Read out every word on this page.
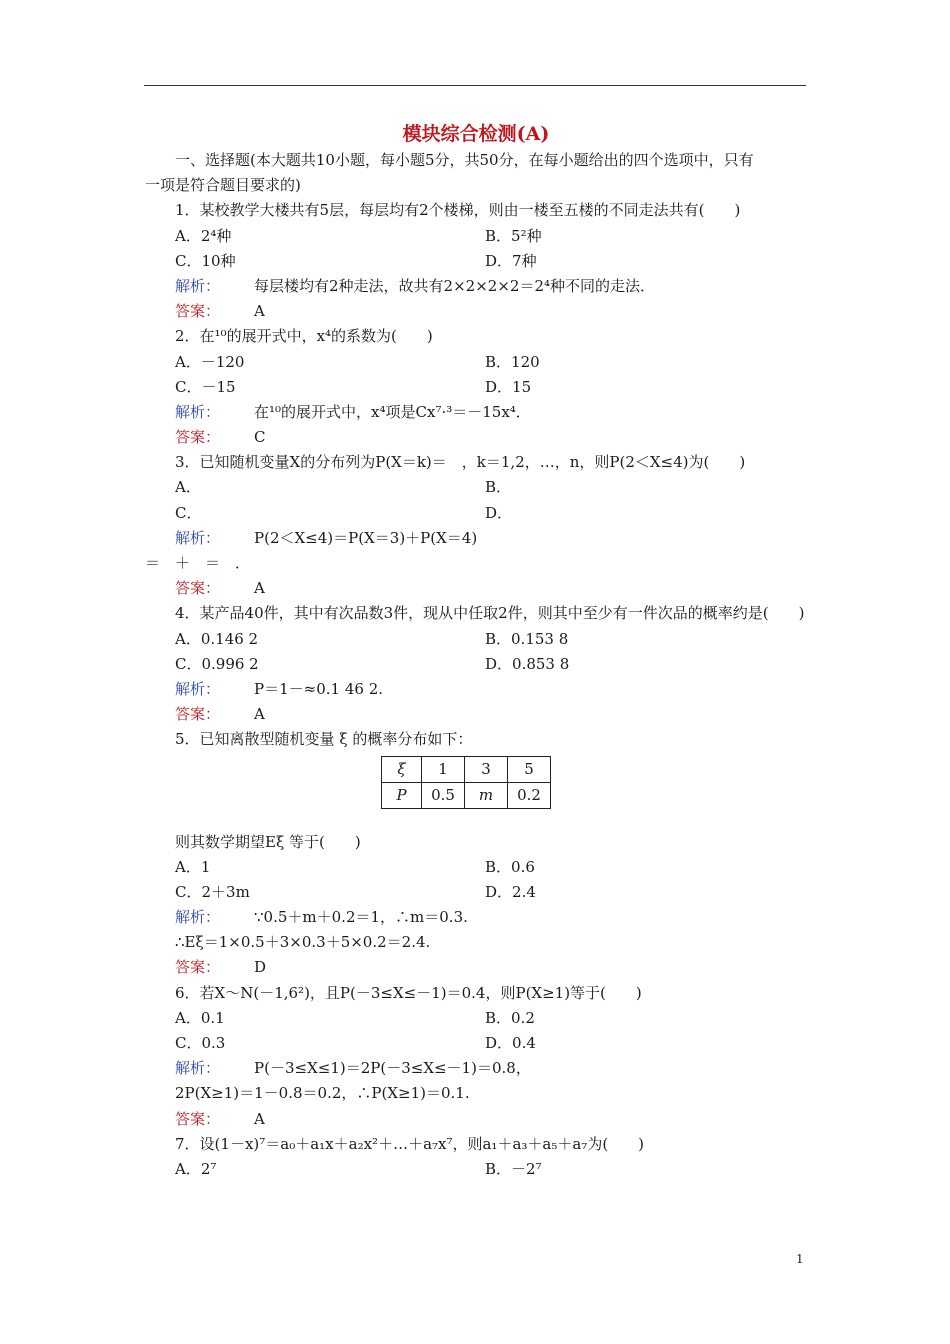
模块综合检测(A)
一、选择题(本大题共10小题，每小题5分，共50分，在每小题给出的四个选项中，只有
一项是符合题目要求的)
1．某校教学大楼共有5层，每层均有2个楼梯，则由一楼至五楼的不同走法共有(　　)
A．2⁴种	B．5²种
C．10种	D．7种
解析： 每层楼均有2种走法，故共有2×2×2×2＝2⁴种不同的走法．
答案： A
2．在¹⁰的展开式中，x⁴的系数为(　　)
A．－120	B．120
C．－15	D．15
解析： 在¹⁰的展开式中，x⁴项是Cx⁷·³＝－15x⁴．
答案： C
3．已知随机变量X的分布列为P(X＝k)＝　，k＝1,2，…，n，则P(2＜X≤4)为(　　)
A．	B．
C．	D．
解析： P(2＜X≤4)＝P(X＝3)＋P(X＝4)
＝　＋　＝　．
答案： A
4．某产品40件，其中有次品数3件，现从中任取2件，则其中至少有一件次品的概率约是(　　)
A．0.146 2	B．0.153 8
C．0.996 2	D．0.853 8
解析： P＝1－≈0.1 46 2.
答案： A
5．已知离散型随机变量 ξ 的概率分布如下：
ξ	1	3	5
P	0.5	m	0.2
则其数学期望Eξ 等于(　　)
A．1	B．0.6
C．2＋3m	D．2.4
解析： ∵0.5＋m＋0.2＝1，∴m＝0.3.
∴Eξ＝1×0.5＋3×0.3＋5×0.2＝2.4.
答案： D
6．若X～N(－1,6²)，且P(－3≤X≤－1)＝0.4，则P(X≥1)等于(　　)
A．0.1	B．0.2
C．0.3	D．0.4
解析： P(－3≤X≤1)＝2P(－3≤X≤－1)＝0.8，
2P(X≥1)＝1－0.8＝0.2，∴P(X≥1)＝0.1.
答案： A
7．设(1－x)⁷＝a₀＋a₁x＋a₂x²＋…＋a₇x⁷，则a₁＋a₃＋a₅＋a₇为(　　)
A．2⁷	B．－2⁷
1
